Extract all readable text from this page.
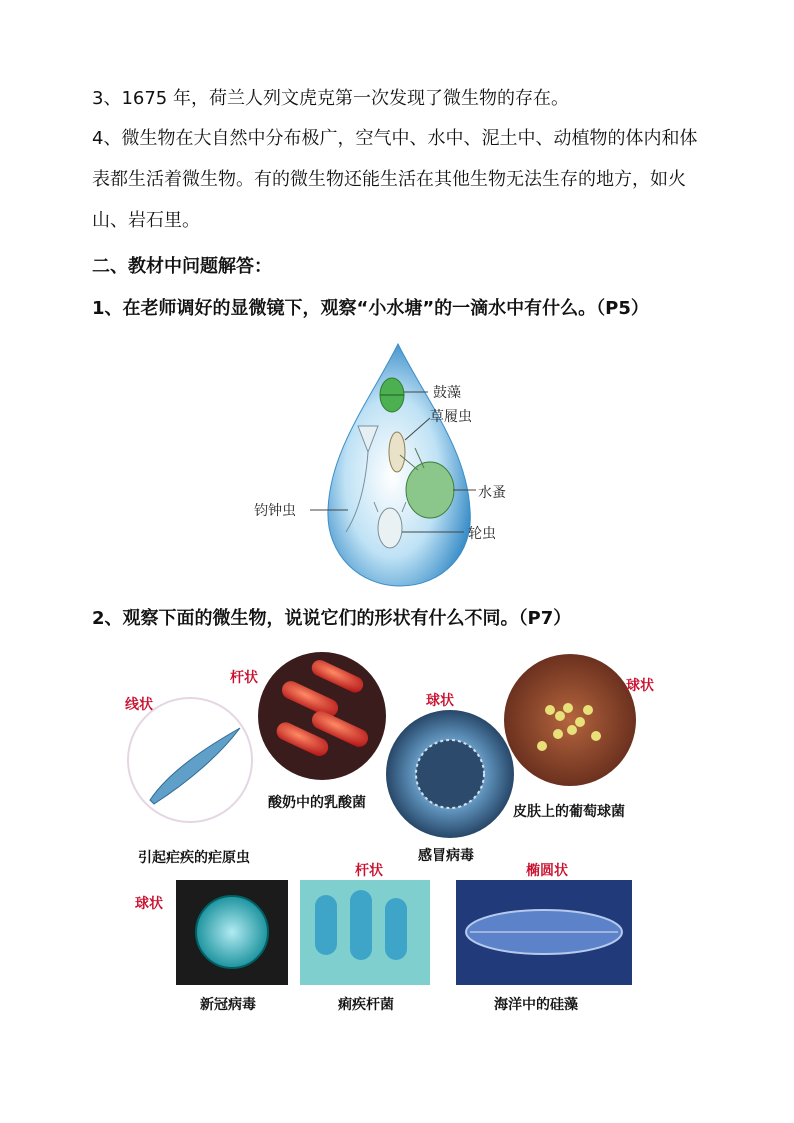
3、1675 年，荷兰人列文虎克第一次发现了微生物的存在。

4、微生物在大自然中分布极广，空气中、水中、泥土中、动植物的体内和体表都生活着微生物。有的微生物还能生活在其他生物无法生存的地方，如火山、岩石里。

二、教材中问题解答：

1、在老师调好的显微镜下，观察“小水塘”的一滴水中有什么。（P5）

鼓藻
草履虫
水蚤
钧钟虫
轮虫

2、观察下面的微生物，说说它们的形状有什么不同。（P7）

线状
杆状
球状
球状
引起疟疾的疟原虫
酸奶中的乳酸菌
感冒病毒
皮肤上的葡萄球菌
球状
杆状	椭圆状
新冠病毒	痢疾杆菌	海洋中的硅藻
